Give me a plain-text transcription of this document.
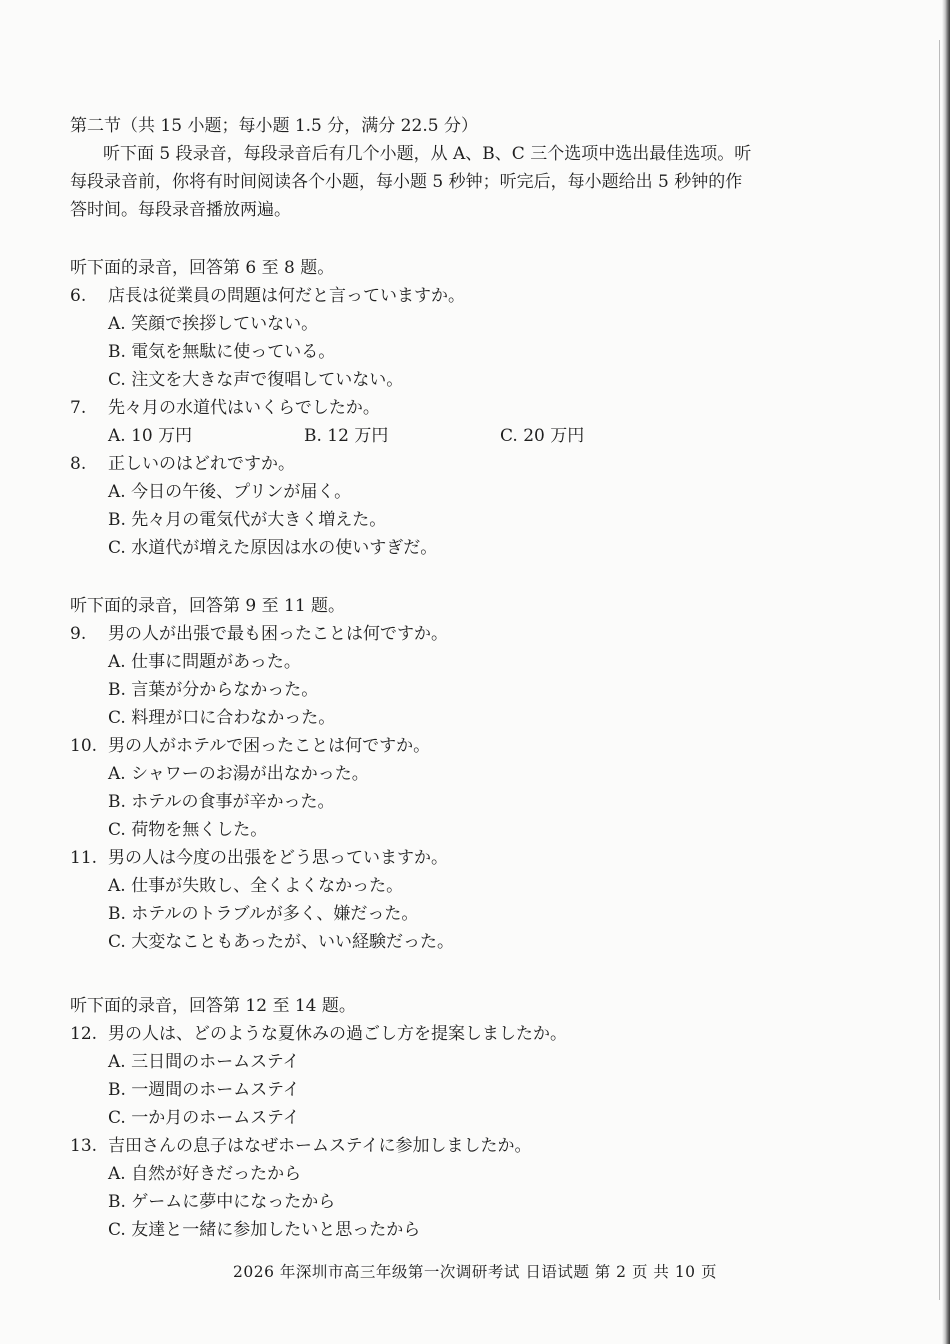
第二节（共 15 小题；每小题 1.5 分，满分 22.5 分）
听下面 5 段录音，每段录音后有几个小题，从 A、B、C 三个选项中选出最佳选项。听
每段录音前，你将有时间阅读各个小题，每小题 5 秒钟；听完后，每小题给出 5 秒钟的作
答时间。每段录音播放两遍。
听下面的录音，回答第 6 至 8 题。
6.	店長は従業員の問題は何だと言っていますか。
A. 笑顔で挨拶していない。
B. 電気を無駄に使っている。
C. 注文を大きな声で復唱していない。
7.	先々月の水道代はいくらでしたか。
A. 10 万円	B. 12 万円	C. 20 万円
8.	正しいのはどれですか。
A. 今日の午後、プリンが届く。
B. 先々月の電気代が大きく増えた。
C. 水道代が増えた原因は水の使いすぎだ。
听下面的录音，回答第 9 至 11 题。
9.	男の人が出張で最も困ったことは何ですか。
A. 仕事に問題があった。
B. 言葉が分からなかった。
C. 料理が口に合わなかった。
10. 男の人がホテルで困ったことは何ですか。
A. シャワーのお湯が出なかった。
B. ホテルの食事が辛かった。
C. 荷物を無くした。
11. 男の人は今度の出張をどう思っていますか。
A. 仕事が失敗し、全くよくなかった。
B. ホテルのトラブルが多く、嫌だった。
C. 大変なこともあったが、いい経験だった。
听下面的录音，回答第 12 至 14 题。
12. 男の人は、どのような夏休みの過ごし方を提案しましたか。
A. 三日間のホームステイ
B. 一週間のホームステイ
C. 一か月のホームステイ
13. 吉田さんの息子はなぜホームステイに参加しましたか。
A. 自然が好きだったから
B. ゲームに夢中になったから
C. 友達と一緒に参加したいと思ったから
2026 年深圳市高三年级第一次调研考试 日语试题 第 2 页 共 10 页
